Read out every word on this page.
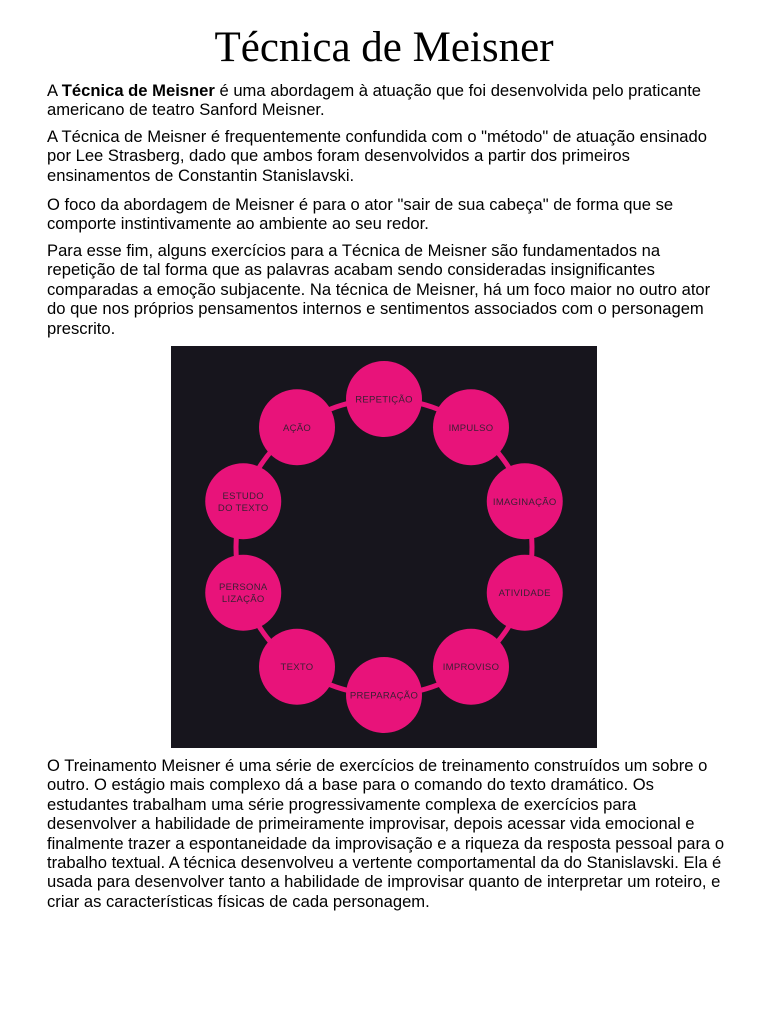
Técnica de Meisner

A Técnica de Meisner é uma abordagem à atuação que foi desenvolvida pelo praticante americano de teatro Sanford Meisner.

A Técnica de Meisner é frequentemente confundida com o "método" de atuação ensinado por Lee Strasberg, dado que ambos foram desenvolvidos a partir dos primeiros ensinamentos de Constantin Stanislavski.

O foco da abordagem de Meisner é para o ator "sair de sua cabeça" de forma que se comporte instintivamente ao ambiente ao seu redor.

Para esse fim, alguns exercícios para a Técnica de Meisner são fundamentados na repetição de tal forma que as palavras acabam sendo consideradas insignificantes comparadas a emoção subjacente. Na técnica de Meisner, há um foco maior no outro ator do que nos próprios pensamentos internos e sentimentos associados com o personagem prescrito.

REPETIÇÃO
IMPULSO
IMAGINAÇÃO
ATIVIDADE
IMPROVISO
PREPARAÇÃO
TEXTO
PERSONA
LIZAÇÃO
ESTUDO
DO TEXTO
AÇÃO

O Treinamento Meisner é uma série de exercícios de treinamento construídos um sobre o outro. O estágio mais complexo dá a base para o comando do texto dramático. Os estudantes trabalham uma série progressivamente complexa de exercícios para desenvolver a habilidade de primeiramente improvisar, depois acessar vida emocional e finalmente trazer a espontaneidade da improvisação e a riqueza da resposta pessoal para o trabalho textual. A técnica desenvolveu a vertente comportamental da do Stanislavski. Ela é usada para desenvolver tanto a habilidade de improvisar quanto de interpretar um roteiro, e criar as características físicas de cada personagem.
